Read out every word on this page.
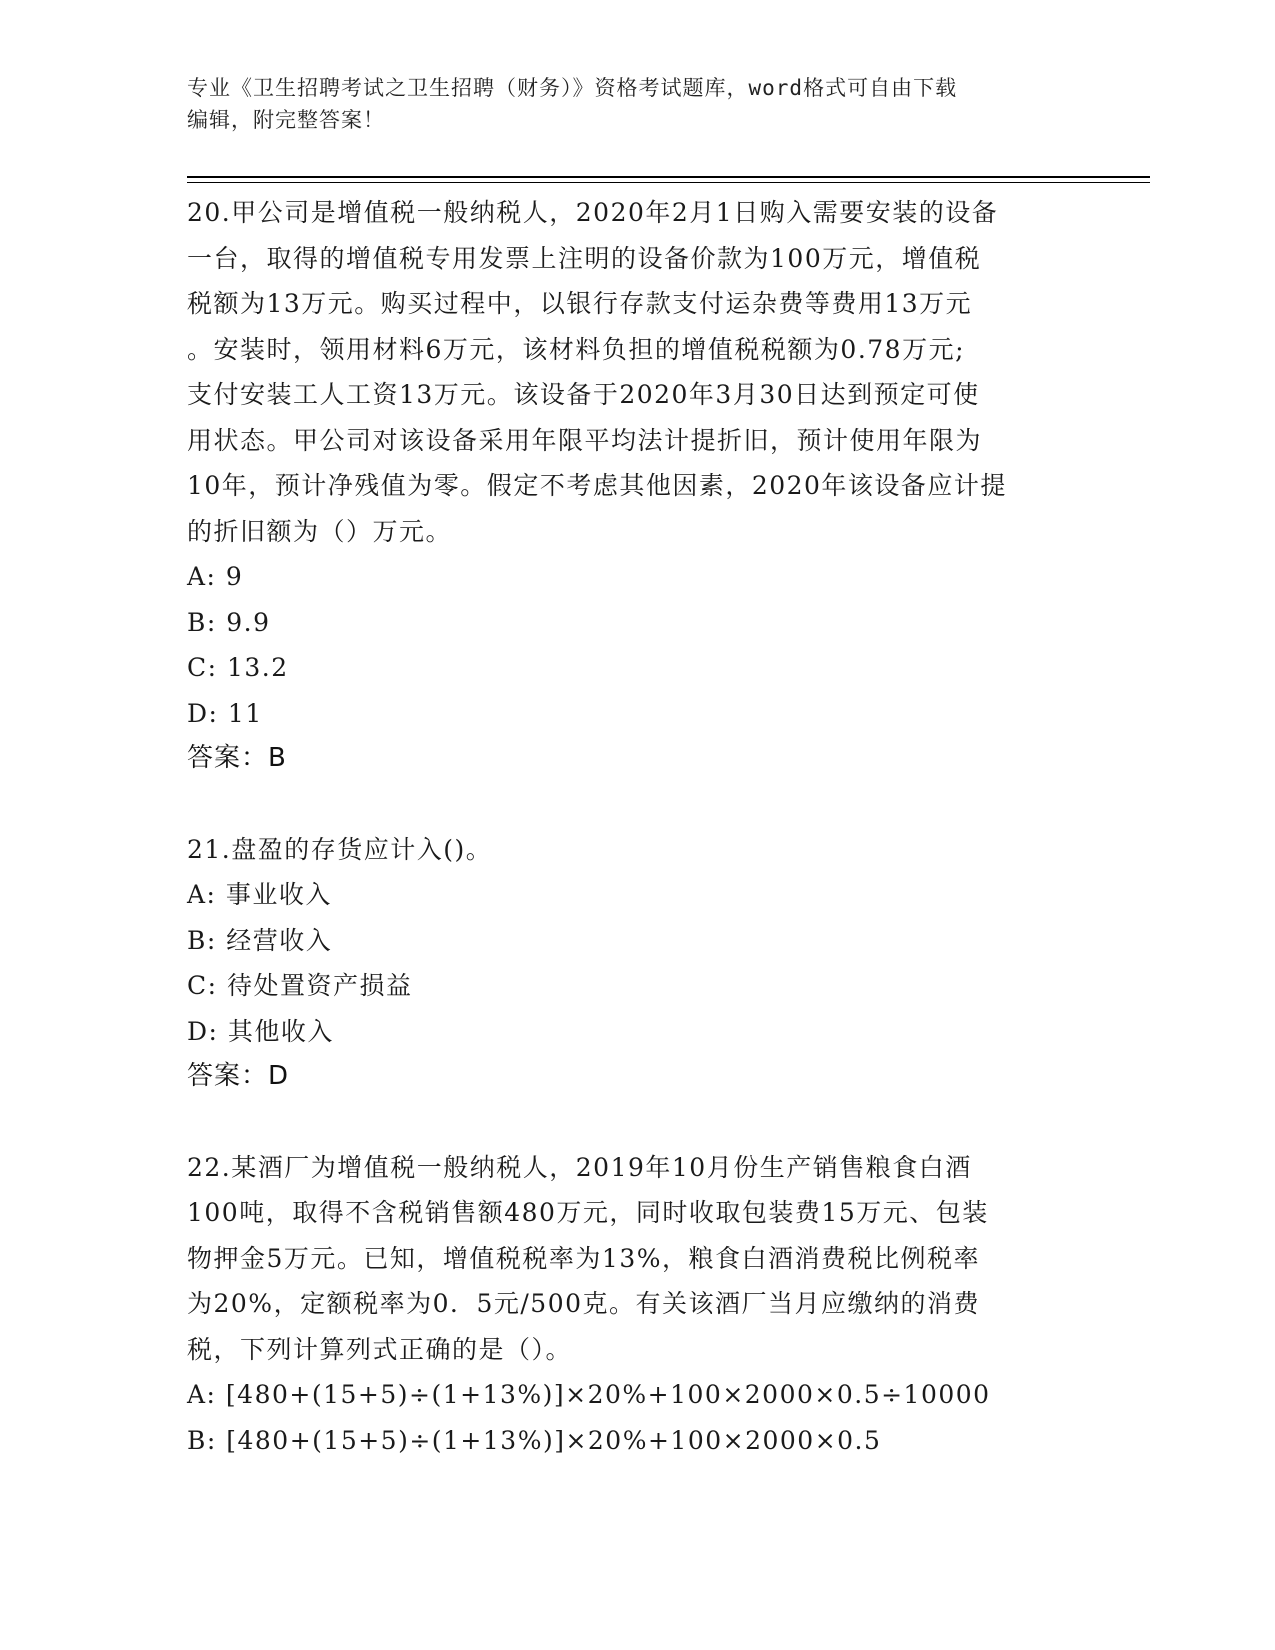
专业《卫生招聘考试之卫生招聘（财务）》资格考试题库，word格式可自由下载
编辑，附完整答案！
20.甲公司是增值税一般纳税人，2020年2月1日购入需要安装的设备
一台，取得的增值税专用发票上注明的设备价款为100万元，增值税
税额为13万元。购买过程中，以银行存款支付运杂费等费用13万元
。安装时，领用材料6万元，该材料负担的增值税税额为0.78万元;
支付安装工人工资13万元。该设备于2020年3月30日达到预定可使
用状态。甲公司对该设备采用年限平均法计提折旧，预计使用年限为
10年，预计净残值为零。假定不考虑其他因素，2020年该设备应计提
的折旧额为（）万元。
A: 9
B: 9.9
C: 13.2
D: 11
答案：B
21.盘盈的存货应计入()。
A: 事业收入
B: 经营收入
C: 待处置资产损益
D: 其他收入
答案：D
22.某酒厂为增值税一般纳税人，2019年10月份生产销售粮食白酒
100吨，取得不含税销售额480万元，同时收取包装费15万元、包装
物押金5万元。已知，增值税税率为13%，粮食白酒消费税比例税率
为20%，定额税率为0．5元/500克。有关该酒厂当月应缴纳的消费
税，下列计算列式正确的是（）。
A: [480+(15+5)÷(1+13%)]×20%+100×2000×0.5÷10000
B: [480+(15+5)÷(1+13%)]×20%+100×2000×0.5
